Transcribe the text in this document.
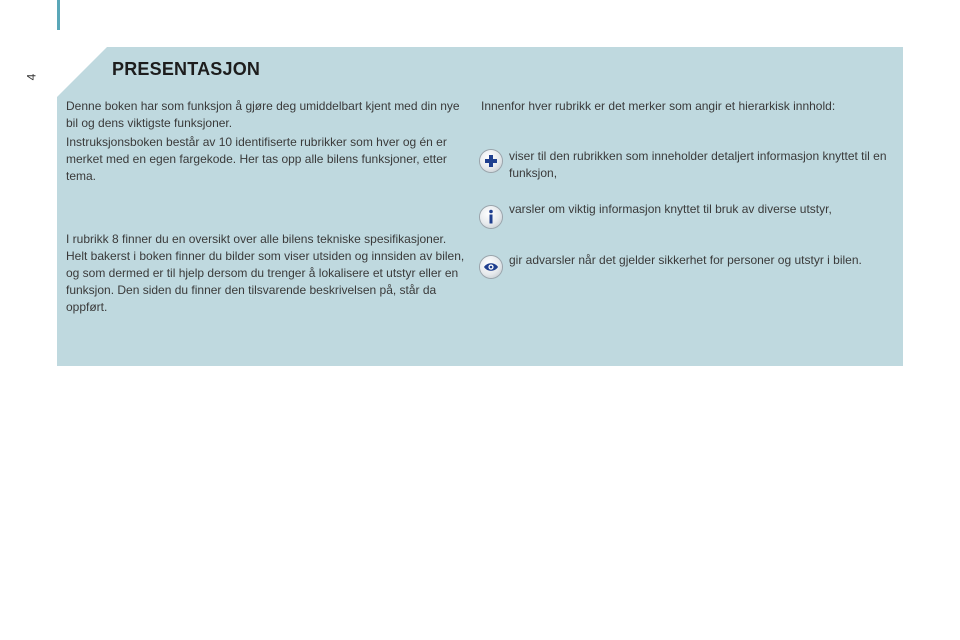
4	PRESENTASJON

Denne boken har som funksjon å gjøre deg umiddelbart kjent med din nye bil og dens viktigste funksjoner.

Instruksjonsboken består av 10 identifiserte rubrikker som hver og én er merket med en egen fargekode. Her tas opp alle bilens funksjoner, etter tema.

I rubrikk 8 finner du en oversikt over alle bilens tekniske spesifikasjoner. Helt bakerst i boken finner du bilder som viser utsiden og innsiden av bilen, og som dermed er til hjelp dersom du trenger å lokalisere et utstyr eller en funksjon. Den siden du finner den tilsvarende beskrivelsen på, står da oppført.

Innenfor hver rubrikk er det merker som angir et hierarkisk innhold:

viser til den rubrikken som inneholder detaljert informasjon knyttet til en funksjon,

varsler om viktig informasjon knyttet til bruk av diverse utstyr,

gir advarsler når det gjelder sikkerhet for personer og utstyr i bilen.
